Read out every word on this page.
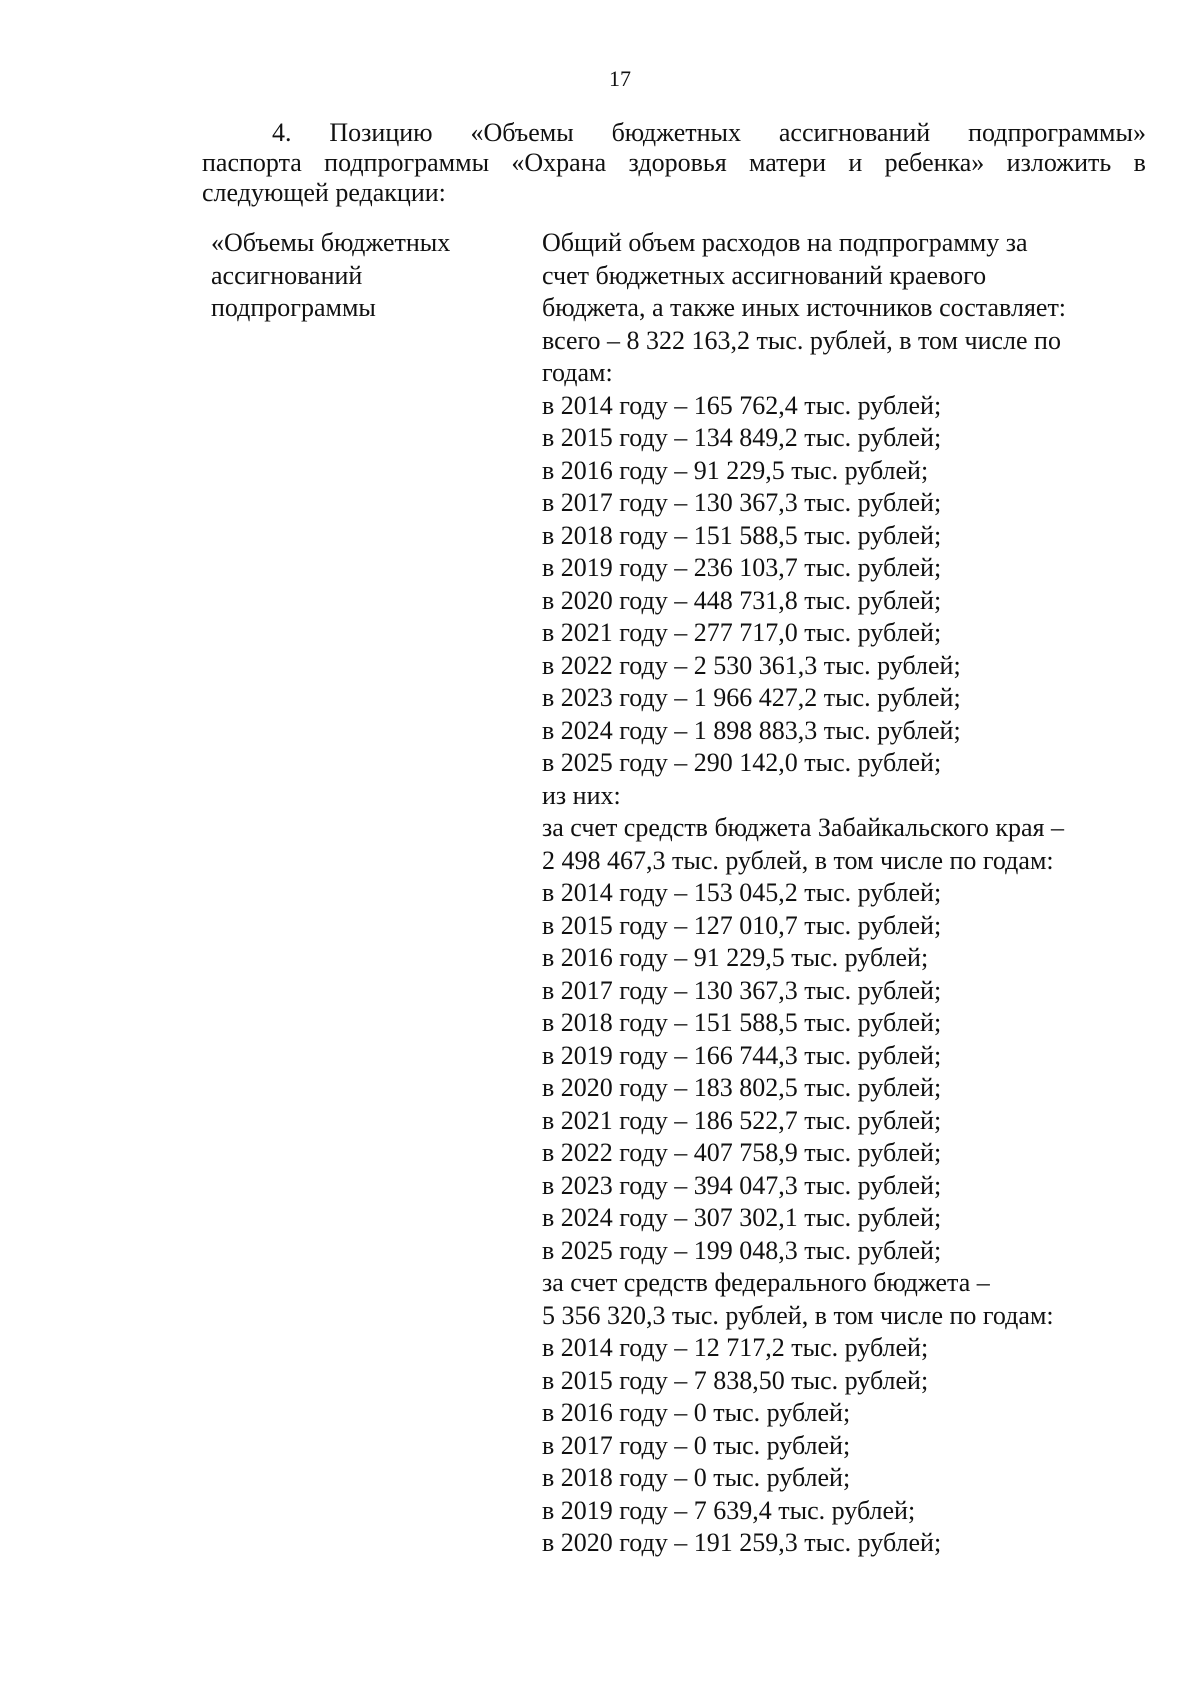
17
4. Позицию «Объемы бюджетных ассигнований подпрограммы»
паспорта подпрограммы «Охрана здоровья матери и ребенка» изложить в
следующей редакции:
«Объемы бюджетных
ассигнований
подпрограммы
Общий объем расходов на подпрограмму за
счет бюджетных ассигнований краевого
бюджета, а также иных источников составляет:
всего – 8 322 163,2 тыс. рублей, в том числе по
годам:
в 2014 году – 165 762,4 тыс. рублей;
в 2015 году – 134 849,2 тыс. рублей;
в 2016 году – 91 229,5 тыс. рублей;
в 2017 году – 130 367,3 тыс. рублей;
в 2018 году – 151 588,5 тыс. рублей;
в 2019 году – 236 103,7 тыс. рублей;
в 2020 году – 448 731,8 тыс. рублей;
в 2021 году – 277 717,0 тыс. рублей;
в 2022 году – 2 530 361,3 тыс. рублей;
в 2023 году – 1 966 427,2 тыс. рублей;
в 2024 году – 1 898 883,3 тыс. рублей;
в 2025 году – 290 142,0 тыс. рублей;
из них:
за счет средств бюджета Забайкальского края –
2 498 467,3 тыс. рублей, в том числе по годам:
в 2014 году – 153 045,2 тыс. рублей;
в 2015 году – 127 010,7 тыс. рублей;
в 2016 году – 91 229,5 тыс. рублей;
в 2017 году – 130 367,3 тыс. рублей;
в 2018 году – 151 588,5 тыс. рублей;
в 2019 году – 166 744,3 тыс. рублей;
в 2020 году – 183 802,5 тыс. рублей;
в 2021 году – 186 522,7 тыс. рублей;
в 2022 году – 407 758,9 тыс. рублей;
в 2023 году – 394 047,3 тыс. рублей;
в 2024 году – 307 302,1 тыс. рублей;
в 2025 году – 199 048,3 тыс. рублей;
за счет средств федерального бюджета –
5 356 320,3 тыс. рублей, в том числе по годам:
в 2014 году – 12 717,2 тыс. рублей;
в 2015 году – 7 838,50 тыс. рублей;
в 2016 году – 0 тыс. рублей;
в 2017 году – 0 тыс. рублей;
в 2018 году – 0 тыс. рублей;
в 2019 году – 7 639,4 тыс. рублей;
в 2020 году – 191 259,3 тыс. рублей;
